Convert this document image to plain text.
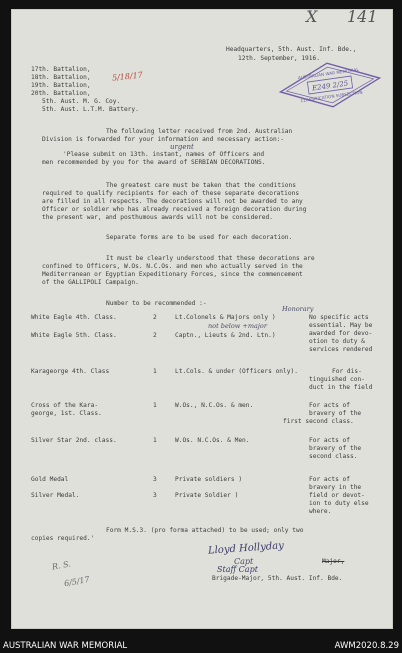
X 141
Headquarters, 5th. Aust. Inf. Bde.,
12th. September, 1916.
AUSTRALIAN WAR MEMORIAL
E249 2/25
CLASSIFICATION SUBSECTION
17th. Battalion,
18th. Battalion,
19th. Battalion,
20th. Battalion,
5th. Aust. M. G. Coy.
5th. Aust. L.T.M. Battery.
5/18/17
The following letter received from 2nd. Australian
Division is forwarded for your information and necessary action:-
urgent
'Please submit on 13th. instant, names of Officers and
men recommended by you for the award of SERBIAN DECORATIONS.
The greatest care must be taken that the conditions
required to qualify recipients for each of these separate decorations
are filled in all respects. The decorations will not be awarded to any
Officer or soldier who has already received a foreign decoration during
the present war, and posthumous awards will not be considered.
Separate forms are to be used for each decoration.
It must be clearly understood that these decorations are
confined to Officers, W.Os. N.C.Os. and men who actually served in the
Mediterranean or Egyptian Expeditionary Forces, since the commencement
of the GALLIPOLI Campaign.
Number to be recommended :-
Honorary
not below +major
White Eagle 4th. Class.	2	Lt.Colonels & Majors only )	No specific acts
essential. May be
White Eagle 5th. Class.	2	Captn., Lieuts & 2nd. Ltn.)	awarded for devo-
otion to duty &
services rendered
Karageorge 4th. Class	1	Lt.Cols. & under (Officers only).	For dis-
tinguished con-
duct in the field
Cross of the Kara-
george, 1st. Class.
1	W.Os., N.C.Os. & men.	For acts of
bravery of the
first second class.
Silver Star 2nd. class.	1	W.Os. N.C.Os. & Men.	For acts of
bravery of the
second class.
Gold Medal	3	Private soldiers )	For acts of
bravery in the
field or devot-
Silver Medal.	3	Private Soldier )
ion to duty else
where.
Form M.S.3. (pro forma attached) to be used; only two
copies required.'
Lloyd Hollyday
Capt	Major,
Brigade-Major, 5th. Aust. Inf. Bde.
Staff Capt
R. S.
6/5/17
AUSTRALIAN WAR MEMORIAL	AWM2020.8.29
